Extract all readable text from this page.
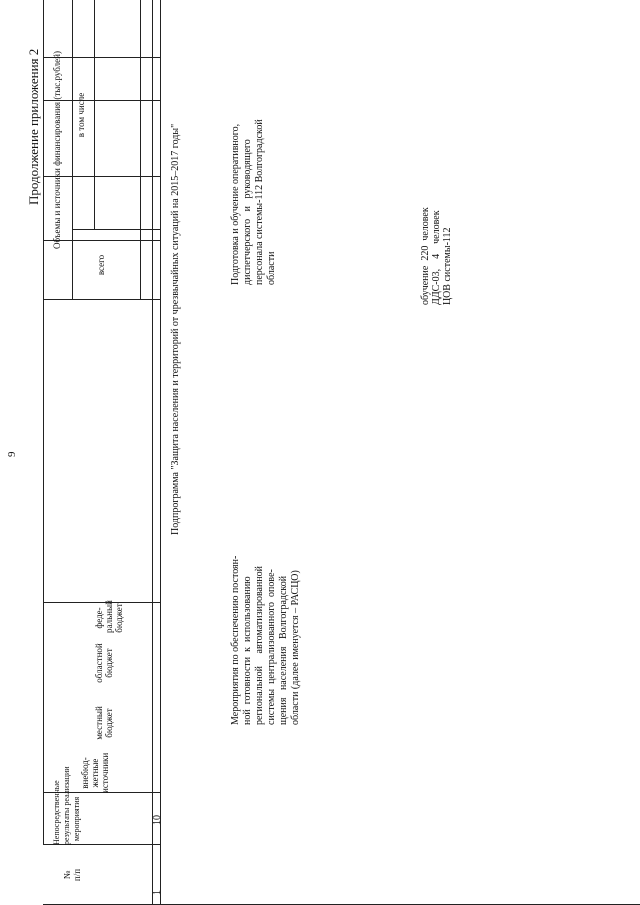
9
Продолжение приложения 2
№
п/п
Непосредственные
результаты реализации
мероприятия
внебюд-
жетные
источники
местный
бюджет
областной
бюджет
феде-
ральный
бюджет
в том числе
всего
Объемы и источники финансирования (тыс.рублей)
1
10
Подпрограмма "Защита населения и территорий от чрезвычайных ситуаций на 2015–2017 годы"
Мероприятия по обеспечению постоян-
ной  готовности  к  использованию
региональной     автоматизированной
системы  централизованного  опове-
щения   населения   Волгоградской
области (далее именуется – РАСЦО)
Подготовка и обучение оперативного,
диспетчерского   и   руководящего
персонала системы-112 Волгоградской
области	обучение  220  человек
ДДС-03,    4    человек
ЦОВ системы-112
